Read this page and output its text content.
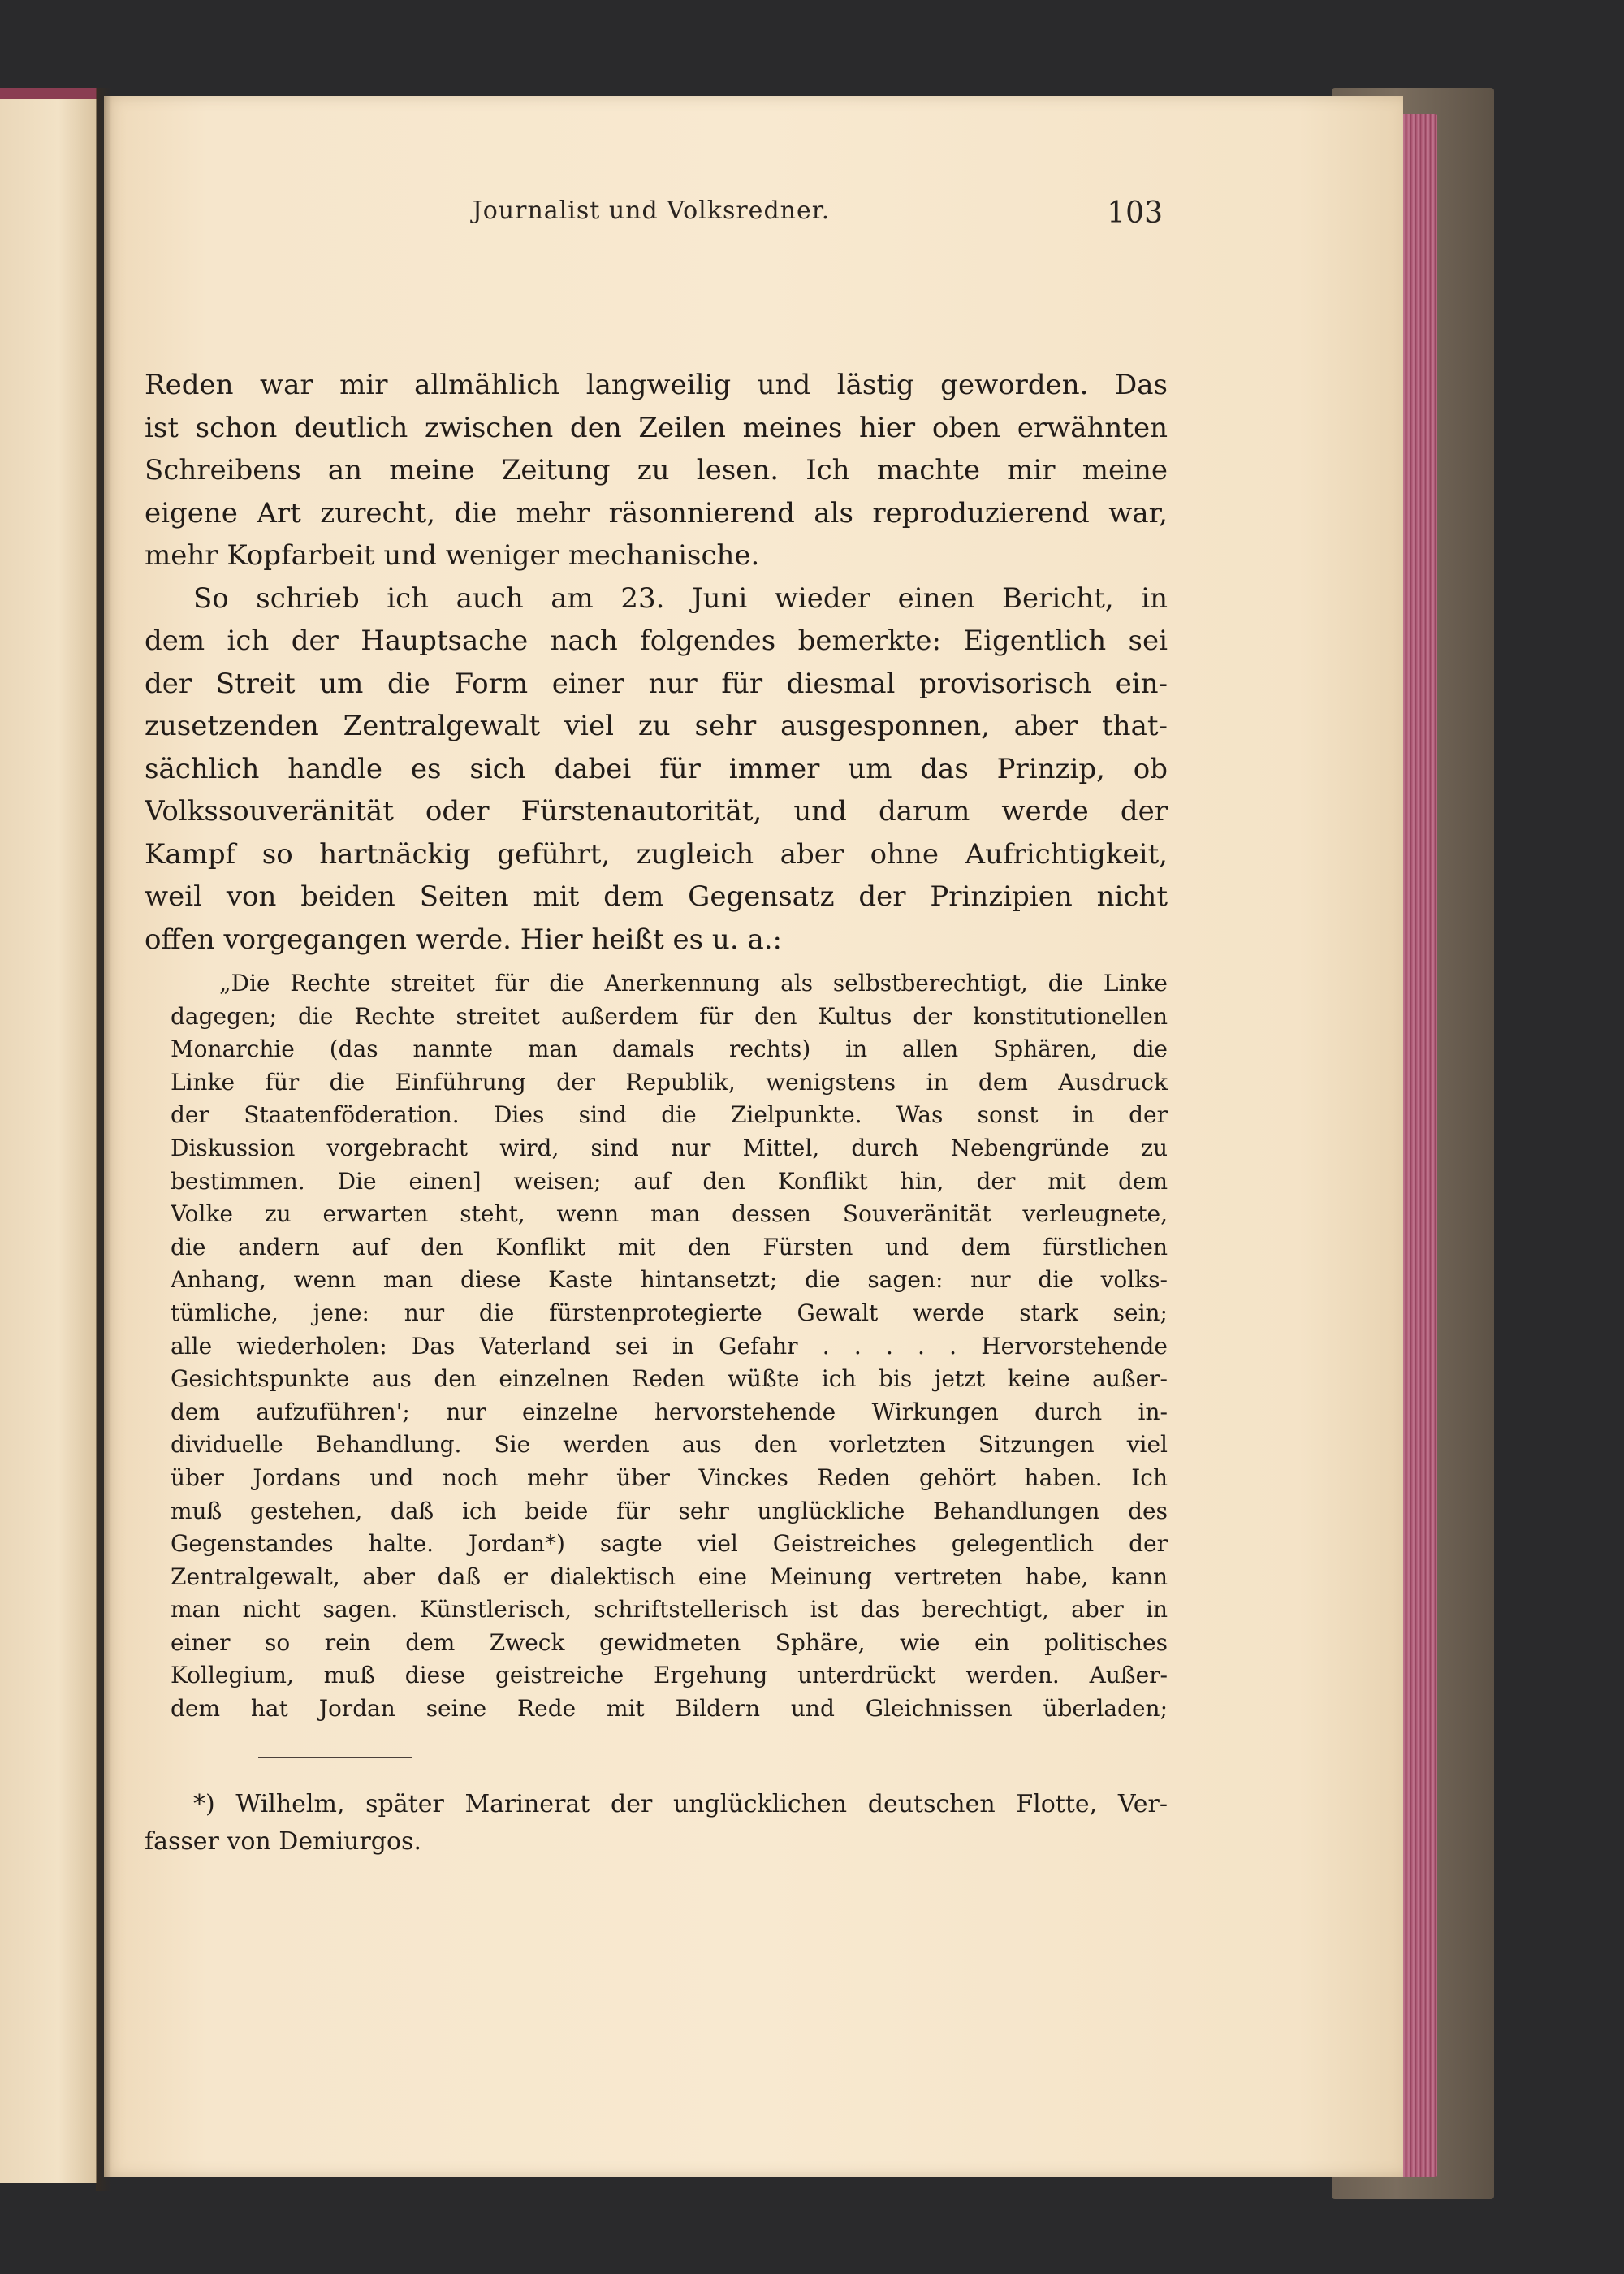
Journalist und Volksredner.	103
Reden war mir allmählich langweilig und lästig geworden. Das
ist schon deutlich zwischen den Zeilen meines hier oben erwähnten
Schreibens an meine Zeitung zu lesen. Ich machte mir meine
eigene Art zurecht, die mehr räsonnierend als reproduzierend war,
mehr Kopfarbeit und weniger mechanische.
So schrieb ich auch am 23. Juni wieder einen Bericht, in
dem ich der Hauptsache nach folgendes bemerkte: Eigentlich sei
der Streit um die Form einer nur für diesmal provisorisch ein-
zusetzenden Zentralgewalt viel zu sehr ausgesponnen, aber that-
sächlich handle es sich dabei für immer um das Prinzip, ob
Volkssouveränität oder Fürstenautorität, und darum werde der
Kampf so hartnäckig geführt, zugleich aber ohne Aufrichtigkeit,
weil von beiden Seiten mit dem Gegensatz der Prinzipien nicht
offen vorgegangen werde. Hier heißt es u. a.:
„Die Rechte streitet für die Anerkennung als selbstberechtigt, die Linke
dagegen; die Rechte streitet außerdem für den Kultus der konstitutionellen
Monarchie (das nannte man damals rechts) in allen Sphären, die
Linke für die Einführung der Republik, wenigstens in dem Ausdruck
der Staatenföderation. Dies sind die Zielpunkte. Was sonst in der
Diskussion vorgebracht wird, sind nur Mittel, durch Nebengründe zu
bestimmen. Die einen] weisen; auf den Konflikt hin, der mit dem
Volke zu erwarten steht, wenn man dessen Souveränität verleugnete,
die andern auf den Konflikt mit den Fürsten und dem fürstlichen
Anhang, wenn man diese Kaste hintansetzt; die sagen: nur die volks-
tümliche, jene: nur die fürstenprotegierte Gewalt werde stark sein;
alle wiederholen: Das Vaterland sei in Gefahr . . . . . Hervorstehende
Gesichtspunkte aus den einzelnen Reden wüßte ich bis jetzt keine außer-
dem aufzuführen'; nur einzelne hervorstehende Wirkungen durch in-
dividuelle Behandlung. Sie werden aus den vorletzten Sitzungen viel
über Jordans und noch mehr über Vinckes Reden gehört haben. Ich
muß gestehen, daß ich beide für sehr unglückliche Behandlungen des
Gegenstandes halte. Jordan*) sagte viel Geistreiches gelegentlich der
Zentralgewalt, aber daß er dialektisch eine Meinung vertreten habe, kann
man nicht sagen. Künstlerisch, schriftstellerisch ist das berechtigt, aber in
einer so rein dem Zweck gewidmeten Sphäre, wie ein politisches
Kollegium, muß diese geistreiche Ergehung unterdrückt werden. Außer-
dem hat Jordan seine Rede mit Bildern und Gleichnissen überladen;
*) Wilhelm, später Marinerat der unglücklichen deutschen Flotte, Ver-
fasser von Demiurgos.
